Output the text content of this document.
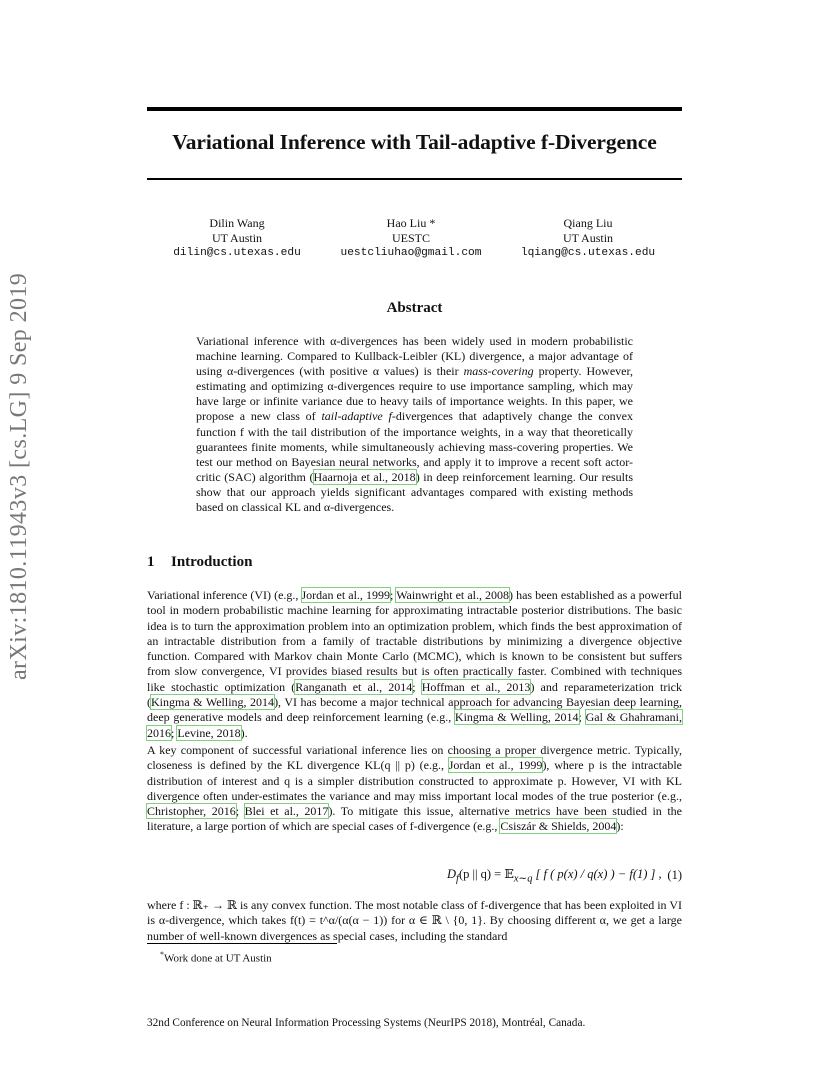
Variational Inference with Tail-adaptive f-Divergence
Dilin Wang
UT Austin
dilin@cs.utexas.edu
Hao Liu *
UESTC
uestcliuhao@gmail.com
Qiang Liu
UT Austin
lqiang@cs.utexas.edu
arXiv:1810.11943v3 [cs.LG] 9 Sep 2019	Abstract
Variational inference with α-divergences has been widely used in modern probabilistic machine learning. Compared to Kullback-Leibler (KL) divergence, a major advantage of using α-divergences (with positive α values) is their mass-covering property. However, estimating and optimizing α-divergences require to use importance sampling, which may have large or infinite variance due to heavy tails of importance weights. In this paper, we propose a new class of tail-adaptive f-divergences that adaptively change the convex function f with the tail distribution of the importance weights, in a way that theoretically guarantees finite moments, while simultaneously achieving mass-covering properties. We test our method on Bayesian neural networks, and apply it to improve a recent soft actor-critic (SAC) algorithm (Haarnoja et al., 2018) in deep reinforcement learning. Our results show that our approach yields significant advantages compared with existing methods based on classical KL and α-divergences.
1 Introduction

Variational inference (VI) (e.g., Jordan et al., 1999; Wainwright et al., 2008) has been established as a powerful tool in modern probabilistic machine learning for approximating intractable posterior distributions. The basic idea is to turn the approximation problem into an optimization problem, which finds the best approximation of an intractable distribution from a family of tractable distributions by minimizing a divergence objective function. Compared with Markov chain Monte Carlo (MCMC), which is known to be consistent but suffers from slow convergence, VI provides biased results but is often practically faster. Combined with techniques like stochastic optimization (Ranganath et al., 2014; Hoffman et al., 2013) and reparameterization trick (Kingma & Welling, 2014), VI has become a major technical approach for advancing Bayesian deep learning, deep generative models and deep reinforcement learning (e.g., Kingma & Welling, 2014; Gal & Ghahramani, 2016; Levine, 2018).

A key component of successful variational inference lies on choosing a proper divergence metric. Typically, closeness is defined by the KL divergence KL(q || p) (e.g., Jordan et al., 1999), where p is the intractable distribution of interest and q is a simpler distribution constructed to approximate p. However, VI with KL divergence often under-estimates the variance and may miss important local modes of the true posterior (e.g., Christopher, 2016; Blei et al., 2017). To mitigate this issue, alternative metrics have been studied in the literature, a large portion of which are special cases of f-divergence (e.g., Csiszár & Shields, 2004):

$D_f(p$ || q) = 𝔼$_{x\sim q}$ [ f ( p(x) / q(x) ) − f(1) ] , (1)

where f : ℝ₊ → ℝ is any convex function. The most notable class of f-divergence that has been exploited in VI is α-divergence, which takes f(t) = t^α/(α(α − 1)) for α ∈ ℝ \ {0, 1}. By choosing different α, we get a large number of well-known divergences as special cases, including the standard

*Work done at UT Austin
32nd Conference on Neural Information Processing Systems (NeurIPS 2018), Montréal, Canada.
